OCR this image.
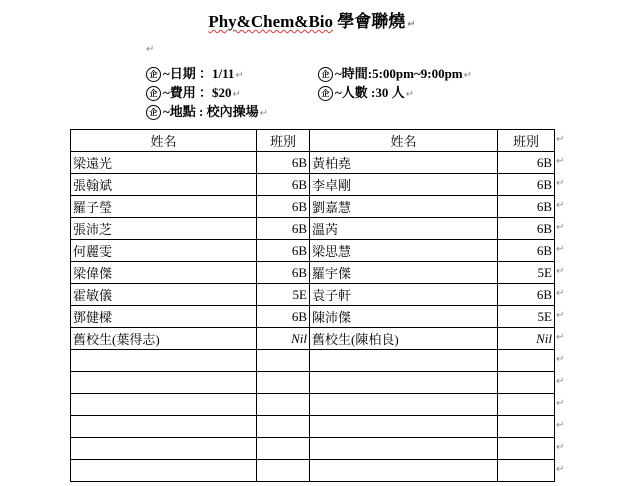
Phy&Chem&Bio 學會聯燒 ↵
↵
企 ~日期 ：1/11↵	企 ~時間:5:00pm~9:00pm↵
企 ~費用 ：$20↵	企 ~人數 :30 人↵
企 ~地點 : 校內操場↵
姓名	班別	姓名	班別
梁遠光	6B	黃柏堯	6B
張翰斌	6B	李卓剛	6B
羅子瑩	6B	劉嘉慧	6B
張沛芝	6B	溫芮	6B
何麗雯	6B	梁思慧	6B
梁偉傑	6B	羅宇傑	5E
霍敏儀	5E	袁子軒	6B
鄧健樑	6B	陳沛傑	5E
舊校生(葉得志)	Nil	舊校生(陳柏良)	Nil

↵
↵
↵
↵
↵
↵
↵
↵
↵
↵
↵
↵
↵
↵
↵
↵
